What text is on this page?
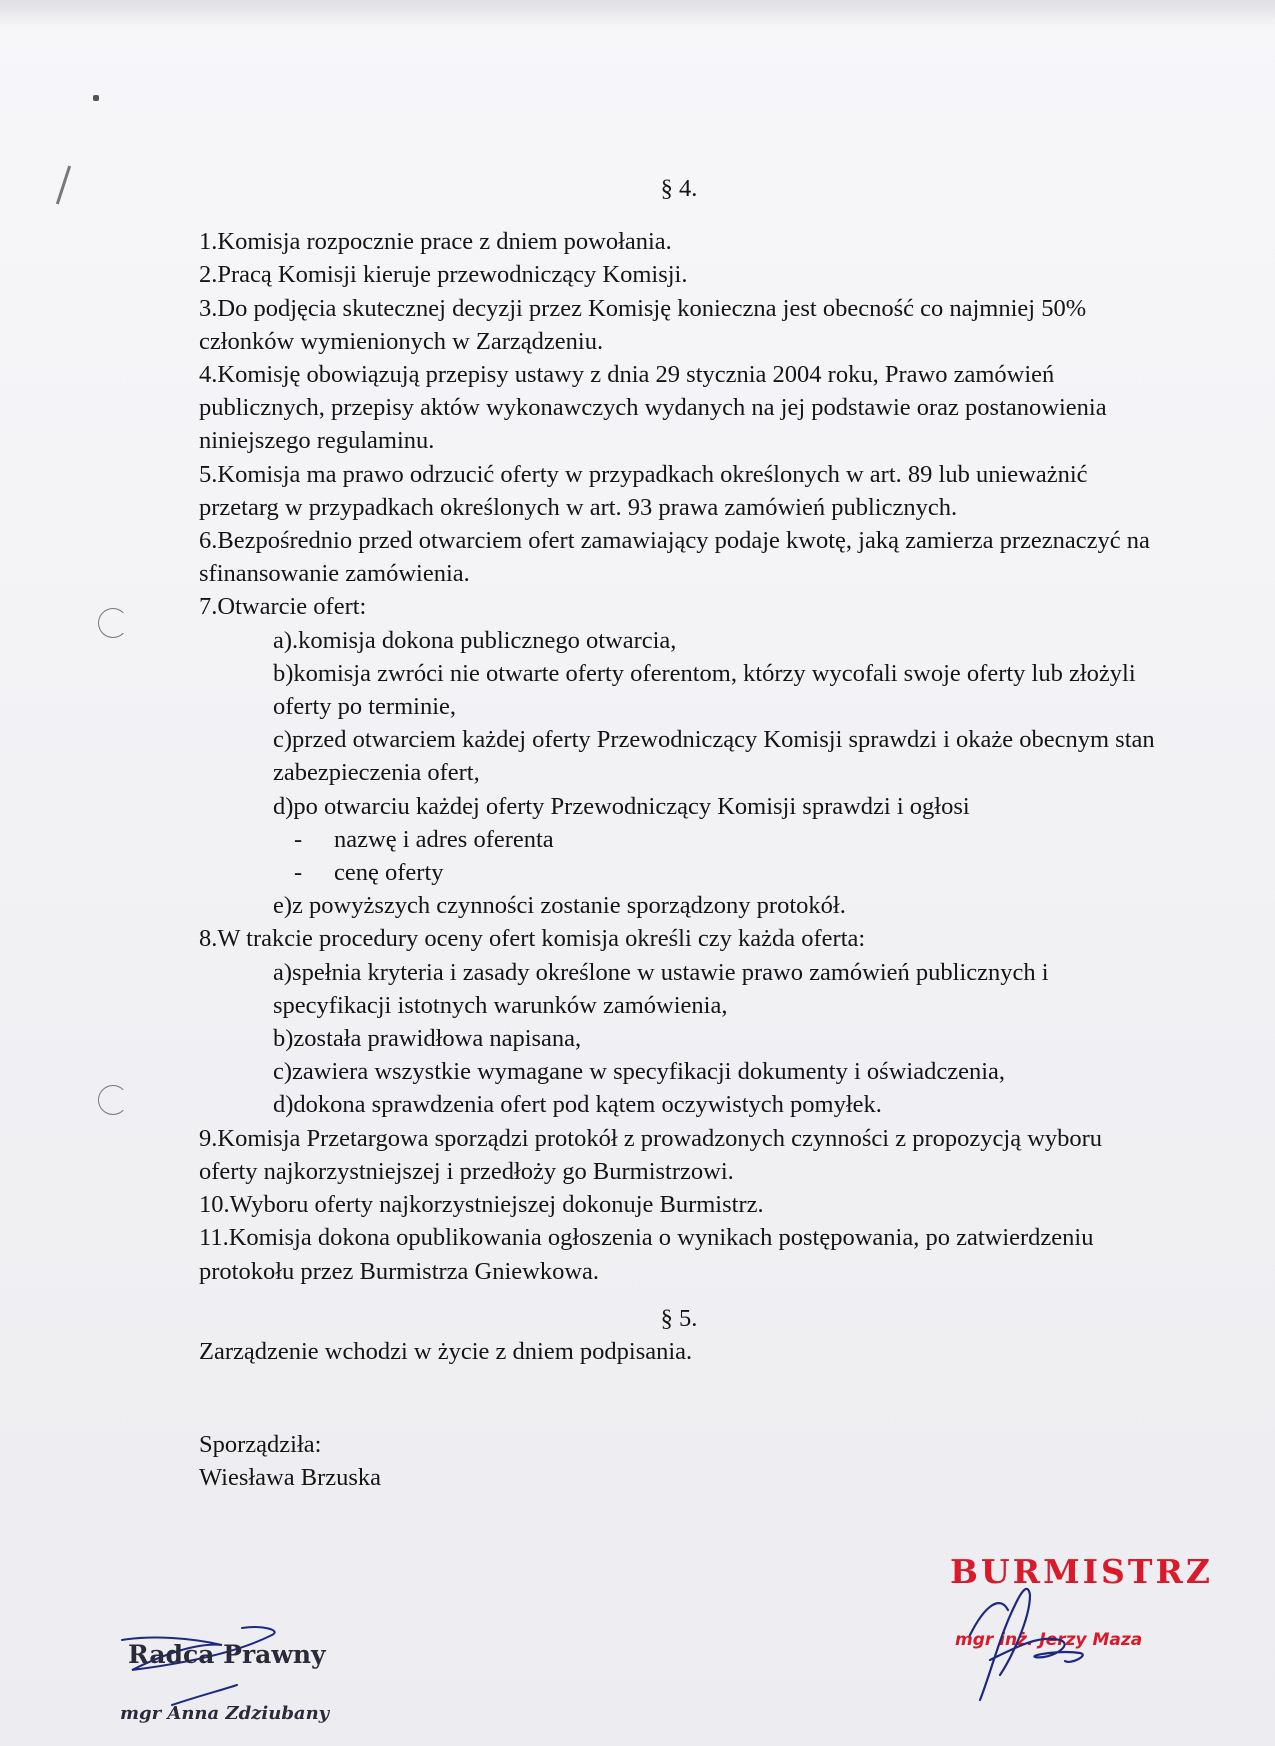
§ 4.

1.Komisja rozpocznie prace z dniem powołania.

2.Pracą Komisji kieruje przewodniczący Komisji.

3.Do podjęcia skutecznej decyzji przez Komisję konieczna jest obecność co najmniej 50% członków wymienionych w Zarządzeniu.

4.Komisję obowiązują przepisy ustawy z dnia 29 stycznia 2004 roku, Prawo zamówień publicznych, przepisy aktów wykonawczych wydanych na jej podstawie oraz postanowienia niniejszego regulaminu.

5.Komisja ma prawo odrzucić oferty w przypadkach określonych w art. 89 lub unieważnić przetarg w przypadkach określonych w art. 93 prawa zamówień publicznych.

6.Bezpośrednio przed otwarciem ofert zamawiający podaje kwotę, jaką zamierza przeznaczyć na sfinansowanie zamówienia.

7.Otwarcie ofert:

a).komisja dokona publicznego otwarcia,

b)komisja zwróci nie otwarte oferty oferentom, którzy wycofali swoje oferty lub złożyli oferty po terminie,

c)przed otwarciem każdej oferty Przewodniczący Komisji sprawdzi i okaże obecnym stan zabezpieczenia ofert,

d)po otwarciu każdej oferty Przewodniczący Komisji sprawdzi i ogłosi

- nazwę i adres oferenta

- cenę oferty

e)z powyższych czynności zostanie sporządzony protokół.

8.W trakcie procedury oceny ofert komisja określi czy każda oferta:

a)spełnia kryteria i zasady określone w ustawie prawo zamówień publicznych i specyfikacji istotnych warunków zamówienia,

b)została prawidłowa napisana,

c)zawiera wszystkie wymagane w specyfikacji dokumenty i oświadczenia,

d)dokona sprawdzenia ofert pod kątem oczywistych pomyłek.

9.Komisja Przetargowa sporządzi protokół z prowadzonych czynności z propozycją wyboru oferty najkorzystniejszej i przedłoży go Burmistrzowi.

10.Wyboru oferty najkorzystniejszej dokonuje Burmistrz.

11.Komisja dokona opublikowania ogłoszenia o wynikach postępowania, po zatwierdzeniu protokołu przez Burmistrza Gniewkowa.

§ 5.

Zarządzenie wchodzi w życie z dniem podpisania.

Sporządziła:

Wiesława Brzuska

BURMISTRZ
mgr inż. Jerzy Maza
Radca Prawny
mgr Anna Zdziubany
